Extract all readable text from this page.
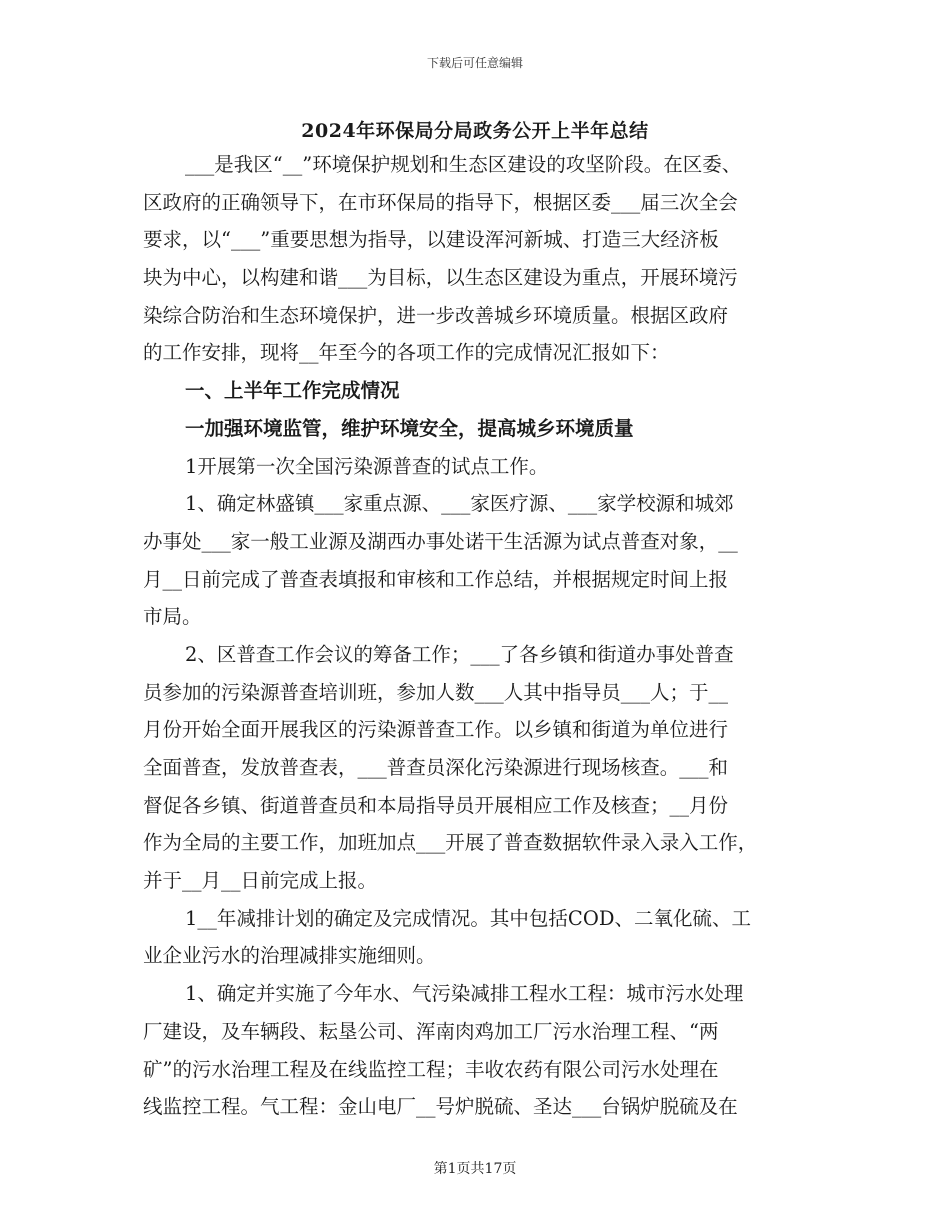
下载后可任意编辑
2024年环保局分局政务公开上半年总结
___是我区“__”环境保护规划和生态区建设的攻坚阶段。在区委、
区政府的正确领导下，在市环保局的指导下，根据区委___届三次全会
要求，以“___”重要思想为指导，以建设浑河新城、打造三大经济板
块为中心，以构建和谐___为目标，以生态区建设为重点，开展环境污
染综合防治和生态环境保护，进一步改善城乡环境质量。根据区政府
的工作安排，现将__年至今的各项工作的完成情况汇报如下：
一、上半年工作完成情况
一加强环境监管，维护环境安全，提高城乡环境质量
1开展第一次全国污染源普查的试点工作。
1、确定林盛镇___家重点源、___家医疗源、___家学校源和城郊
办事处___家一般工业源及湖西办事处诺干生活源为试点普查对象，__
月__日前完成了普查表填报和审核和工作总结，并根据规定时间上报
市局。
2、区普查工作会议的筹备工作；___了各乡镇和街道办事处普查
员参加的污染源普查培训班，参加人数___人其中指导员___人；于__
月份开始全面开展我区的污染源普查工作。以乡镇和街道为单位进行
全面普查，发放普查表，___普查员深化污染源进行现场核查。___和
督促各乡镇、街道普查员和本局指导员开展相应工作及核查；__月份
作为全局的主要工作，加班加点___开展了普查数据软件录入录入工作，
并于__月__日前完成上报。
1__年减排计划的确定及完成情况。其中包括COD、二氧化硫、工
业企业污水的治理减排实施细则。
1、确定并实施了今年水、气污染减排工程水工程：城市污水处理
厂建设，及车辆段、耘垦公司、浑南肉鸡加工厂污水治理工程、“两
矿”的污水治理工程及在线监控工程；丰收农药有限公司污水处理在
线监控工程。气工程：金山电厂__号炉脱硫、圣达___台锅炉脱硫及在
第1页共17页
